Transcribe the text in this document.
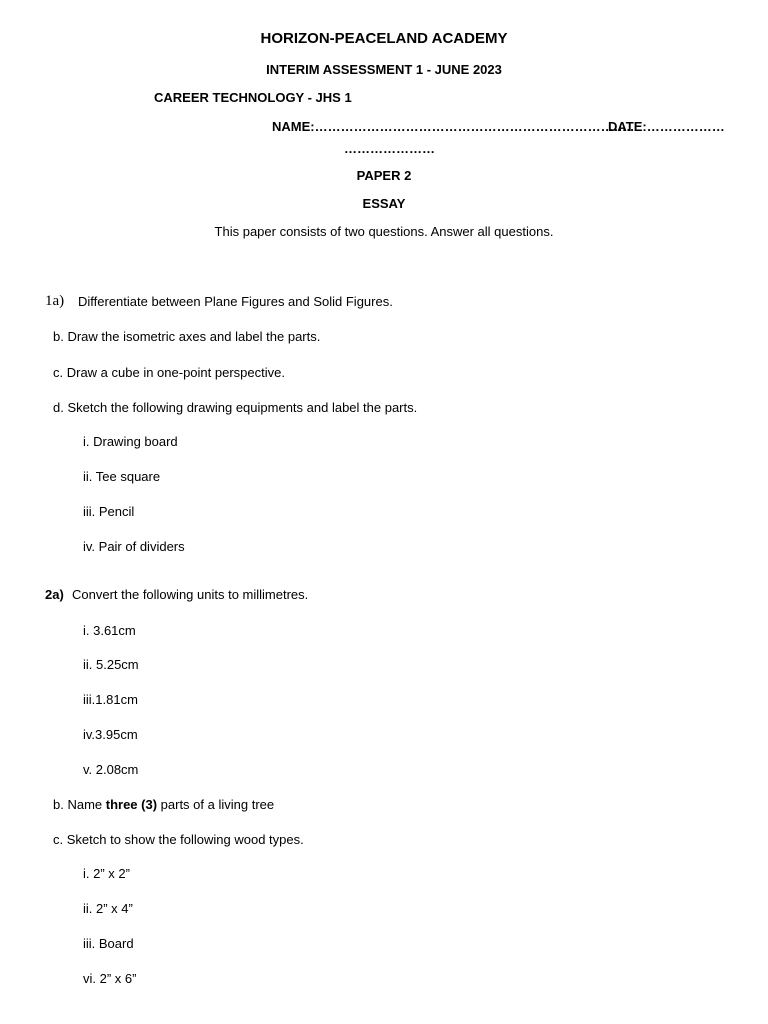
HORIZON-PEACELAND ACADEMY
INTERIM ASSESSMENT 1 - JUNE 2023
CAREER TECHNOLOGY - JHS 1
NAME:………………………………………………………………..
DATE:………………
…………………
PAPER 2
ESSAY
This paper consists of two questions. Answer all questions.
1a) Differentiate between Plane Figures and Solid Figures.
b. Draw the isometric axes and label the parts.
c. Draw a cube in one-point perspective.
d. Sketch the following drawing equipments and label the parts.
i. Drawing board
ii. Tee square
iii. Pencil
iv. Pair of dividers
2a) Convert the following units to millimetres.
i. 3.61cm
ii. 5.25cm
iii.1.81cm
iv.3.95cm
v. 2.08cm
b. Name three (3) parts of a living tree
c. Sketch to show the following wood types.
i. 2” x 2”
ii. 2” x 4”
iii. Board
vi. 2” x 6”
